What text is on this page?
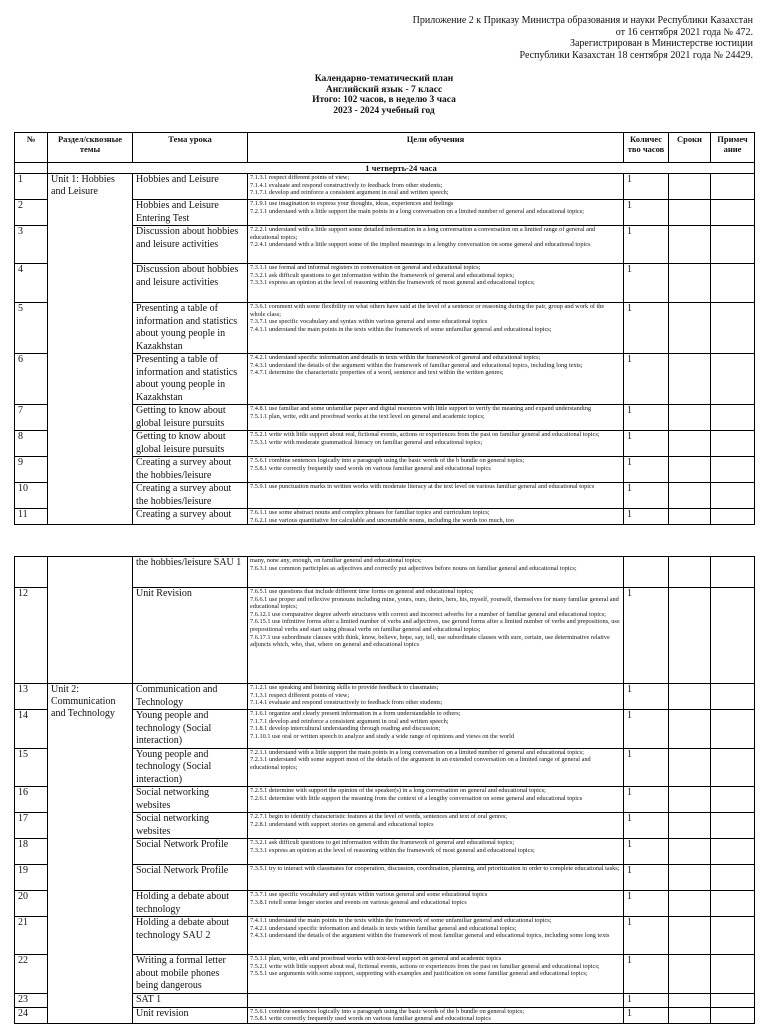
Приложение 2 к Приказу Министра образования и науки Республики Казахстан
от 16 сентября 2021 года № 472.
Зарегистрирован в Министерстве юстиции
Республики Казахстан 18 сентября 2021 года № 24429.
Календарно-тематический план
Английский язык - 7 класс
Итого: 102 часов, в неделю 3 часа
2023 - 2024 учебный год
№	Раздел/сквозные темы	Тема урока	Цели обучения	Количес тво часов	Сроки	Примеч ание
	1 четверть-24 часа					
1	Unit 1: Hobbies and Leisure	Hobbies and Leisure	7.1.3.1 respect different points of view;
7.1.4.1 evaluate and respond constructively to feedback from other students;
7.1.7.1 develop and reinforce a consistent argument in oral and written speech;	1		
2		Hobbies and Leisure Entering Test	7.1.9.1 use imagination to express your thoughts, ideas, experiences and feelings
7.2.1.1 understand with a little support the main points in a long conversation on a limited number of general and educational topics;	1		
3		Discussion about hobbies and leisure activities	7.2.2.1 understand with a little support some detailed information in a long conversation a conversation on a limited range of general and educational topics;
7.2.4.1 understand with a little support some of the implied meanings in a lengthy conversation on some general and educational topics	1		
4		Discussion about hobbies and leisure activities	7.3.1.1 use formal and informal registers in conversation on general and educational topics;
7.3.2.1 ask difficult questions to get information within the framework of general and educational topics;
7.3.3.1 express an opinion at the level of reasoning within the framework of most general and educational topics;	1		
5		Presenting a table of information and statistics about young people in Kazakhstan	7.3.6.1 comment with some flexibility on what others have said at the level of a sentence or reasoning during the pair, group and work of the whole class;
7.3.7.1 use specific vocabulary and syntax within various general and some educational topics
7.4.1.1 understand the main points in the texts within the framework of some unfamiliar general and educational topics;	1		
6		Presenting a table of information and statistics about young people in Kazakhstan	7.4.2.1 understand specific information and details in texts within the framework of general and educational topics;
7.4.3.1 understand the details of the argument within the framework of familiar general and educational topics, including long texts;
7.4.7.1 determine the characteristic properties of a word, sentence and text within the written genres;	1		
7		Getting to know about global leisure pursuits	7.4.8.1 use familiar and some unfamiliar paper and digital resources with little support to verify the meaning and expand understanding
7.5.1.1 plan, write, edit and proofread works at the text level on general and academic topics;	1		
8		Getting to know about global leisure pursuits	7.5.2.1 write with little support about real, fictional events, actions or experiences from the past on familiar general and educational topics;
7.5.3.1 write with moderate grammatical literacy on familiar general and educational topics;	1		
9		Creating a survey about the hobbies/leisure	7.5.6.1 combine sentences logically into a paragraph using the basic words of the b bundle on general topics;
7.5.8.1 write correctly frequently used words on various familiar general and educational topics	1		
10		Creating a survey about the hobbies/leisure	7.5.9.1 use punctuation marks in written works with moderate literacy at the text level on various familiar general and educational topics	1		
11		Creating a survey about	7.6.1.1 use some abstract nouns and complex phrases for familiar topics and curriculum topics;
7.6.2.1 use various quantitative for calculable and uncountable nouns, including the words too much, too	1		
		the hobbies/leisure SAU 1	many, none any, enough, on familiar general and educational topics;
7.6.3.1 use common participles as adjectives and correctly put adjectives before nouns on familiar general and educational topics;			

12		Unit Revision	7.6.5.1 use questions that include different time forms on general and educational topics;
7.6.6.1 use proper and reflexive pronouns including mine, yours, ours, theirs, hers, his, myself, yourself, themselves for many familiar general and educational topics;
7.6.12.1 use comparative degree adverb structures with correct and incorrect adverbs for a number of familiar general and educational topics;
7.6.15.1 use infinitive forms after a limited number of verbs and adjectives, use gerund forms after a limited number of verbs and prepositions, use prepositional verbs and start using phrasal verbs on familiar general and educational topics;
7.6.17.1 use subordinate clauses with think, know, believe, hope, say, tell, use subordinate clauses with sure, certain, use determinative relative adjuncts which, who, that, where on general and educational topics	1		
13	Unit 2: Communication and Technology	Communication and Technology	7.1.2.1 use speaking and listening skills to provide feedback to classmates;
7.1.3.1 respect different points of view;
7.1.4.1 evaluate and respond constructively to feedback from other students;	1		
14		Young people and technology (Social interaction)	7.1.6.1 organize and clearly present information in a form understandable to others;
7.1.7.1 develop and reinforce a consistent argument in oral and written speech;
7.1.8.1 develop intercultural understanding through reading and discussion;
7.1.10.1 use oral or written speech to analyze and study a wide range of opinions and views on the world	1		
15		Young people and technology (Social interaction)	7.2.1.1 understand with a little support the main points in a long conversation on a limited number of general and educational topics;
7.2.3.1 understand with some support most of the details of the argument in an extended conversation on a limited range of general and educational topics;	1		
16		Social networking websites	7.2.5.1 determine with support the opinion of the speaker(s) in a long conversation on general and educational topics;
7.2.6.1 determine with little support the meaning from the context of a lengthy conversation on some general and educational topics	1		
17		Social networking websites	7.2.7.1 begin to identify characteristic features at the level of words, sentences and text of oral genres;
7.2.8.1 understand with support stories on general and educational topics	1		
18		Social Network Profile	7.3.2.1 ask difficult questions to get information within the framework of general and educational topics;
7.3.3.1 express an opinion at the level of reasoning within the framework of most general and educational topics;	1		
19		Social Network Profile	7.3.5.1 try to interact with classmates for cooperation, discussion, coordination, planning, and prioritization in order to complete educational tasks;	1		
20		Holding a debate about technology	7.3.7.1 use specific vocabulary and syntax within various general and some educational topics
7.3.8.1 retell some longer stories and events on various general and educational topics	1		
21		Holding a debate about technology SAU 2	7.4.1.1 understand the main points in the texts within the framework of some unfamiliar general and educational topics;
7.4.2.1 understand specific information and details in texts within familiar general and educational topics;
7.4.3.1 understand the details of the argument within the framework of most familiar general and educational topics, including some long texts	1		
22		Writing a formal letter about mobile phones being dangerous	7.5.1.1 plan, write, edit and proofread works with text-level support on general and academic topics
7.5.2.1 write with little support about real, fictional events, actions or experiences from the past on familiar general and educational topics;
7.5.5.1 use arguments with some support, supporting with examples and justification on some familiar general and educational topics;	1		
23		SAT 1		1		
24		Unit revision	7.5.6.1 combine sentences logically into a paragraph using the basic words of the b bundle on general topics;
7.5.8.1 write correctly frequently used words on various familiar general and educational topics	1		
